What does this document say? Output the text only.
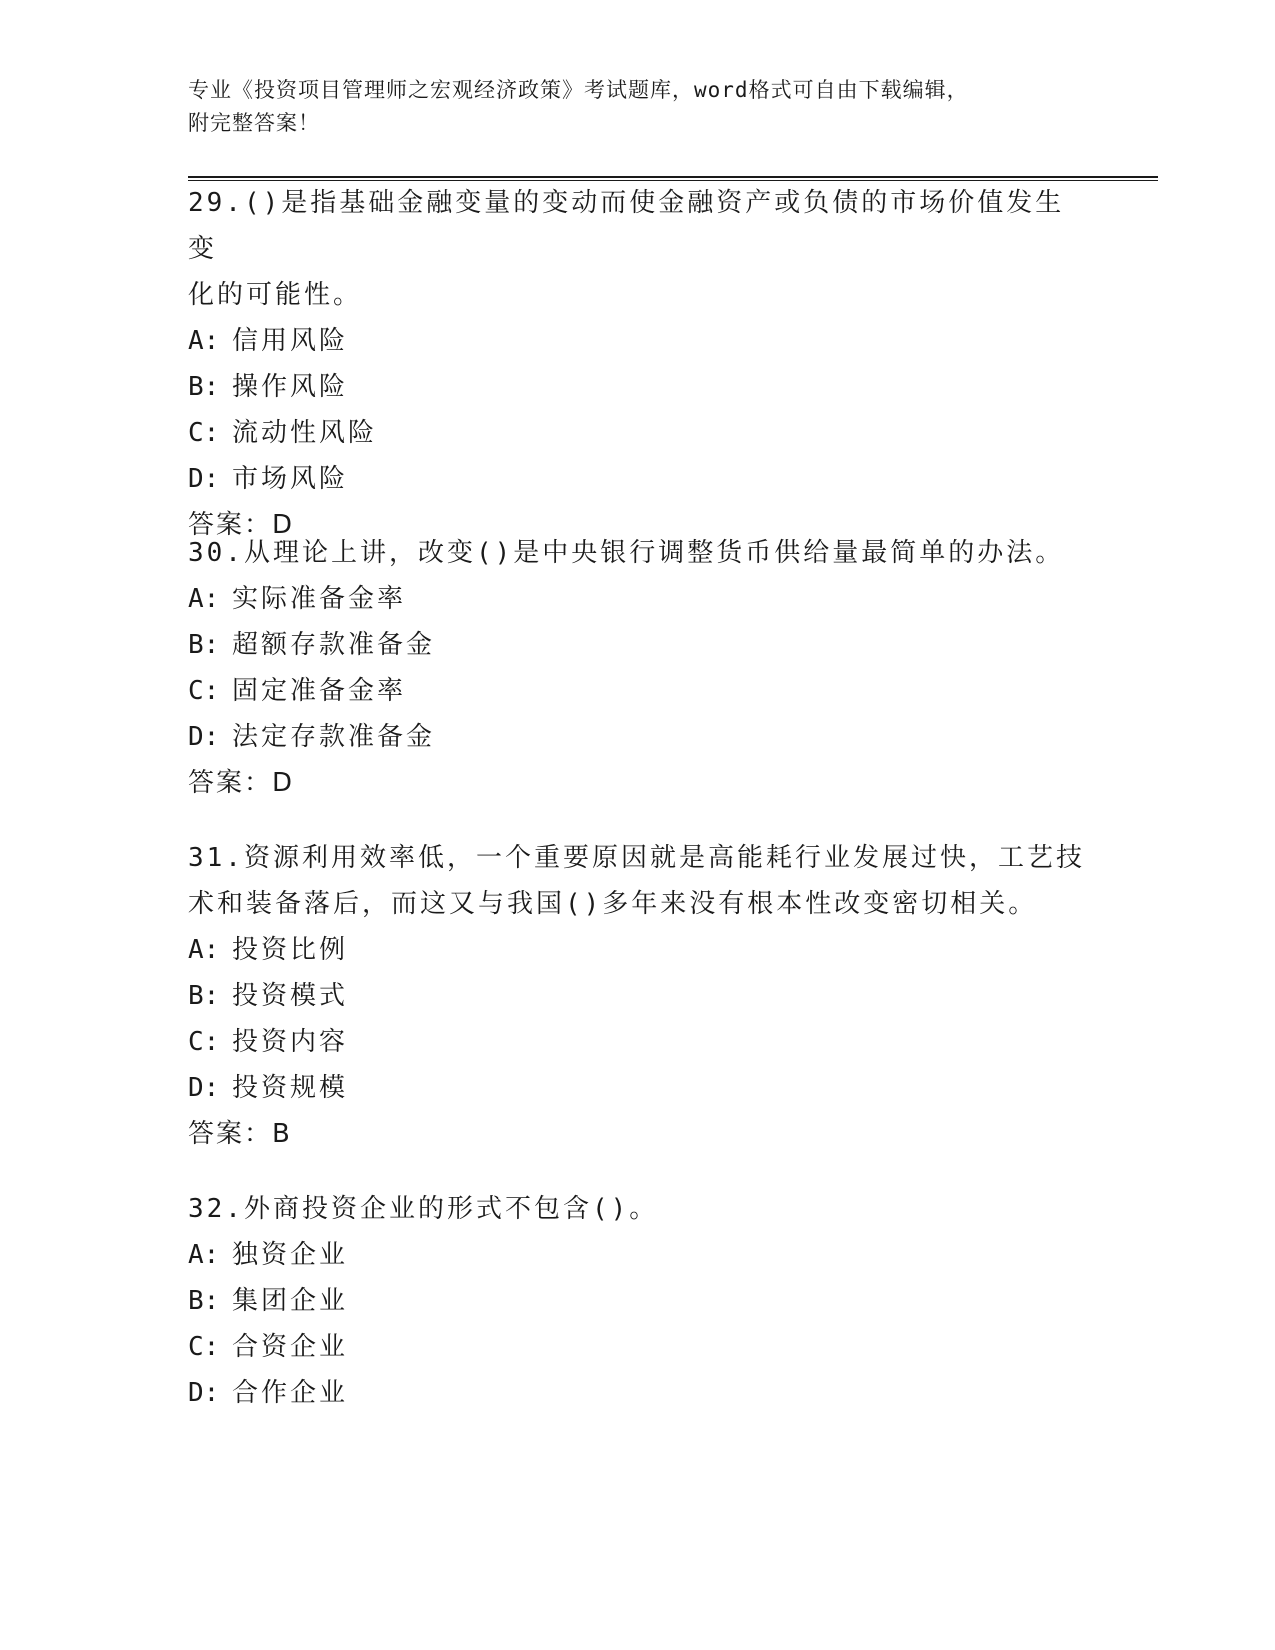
专业《投资项目管理师之宏观经济政策》考试题库，word格式可自由下载编辑，
附完整答案！
29.()是指基础金融变量的变动而使金融资产或负债的市场价值发生变
化的可能性。
A: 信用风险
B: 操作风险
C: 流动性风险
D: 市场风险
答案：D
30.从理论上讲，改变()是中央银行调整货币供给量最简单的办法。
A: 实际准备金率
B: 超额存款准备金
C: 固定准备金率
D: 法定存款准备金
答案：D
31.资源利用效率低，一个重要原因就是高能耗行业发展过快，工艺技
术和装备落后，而这又与我国()多年来没有根本性改变密切相关。
A: 投资比例
B: 投资模式
C: 投资内容
D: 投资规模
答案：B
32.外商投资企业的形式不包含()。
A: 独资企业
B: 集团企业
C: 合资企业
D: 合作企业
